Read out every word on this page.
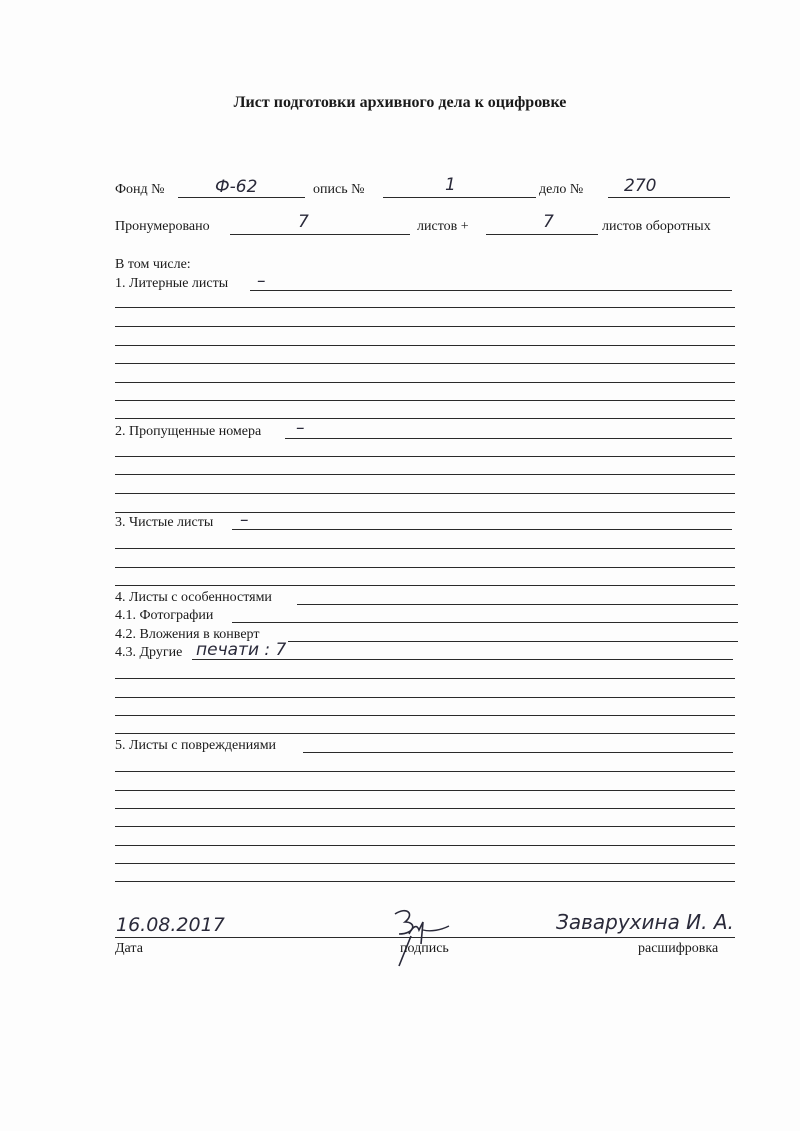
Лист подготовки архивного дела к оцифровке
Фонд №	Ф-62	опись №	1	дело № 270
Пронумеровано	7	листов +	7	листов оборотных
В том числе:
1. Литерные листы –
2. Пропущенные номера –
3. Чистые листы –
4. Листы с особенностями
4.1. Фотографии
4.2. Вложения в конверт
4.3. Другие печати : 7
5. Листы с повреждениями
16.08.2017
Дата	подпись
Заварухина И. А.
расшифровка
